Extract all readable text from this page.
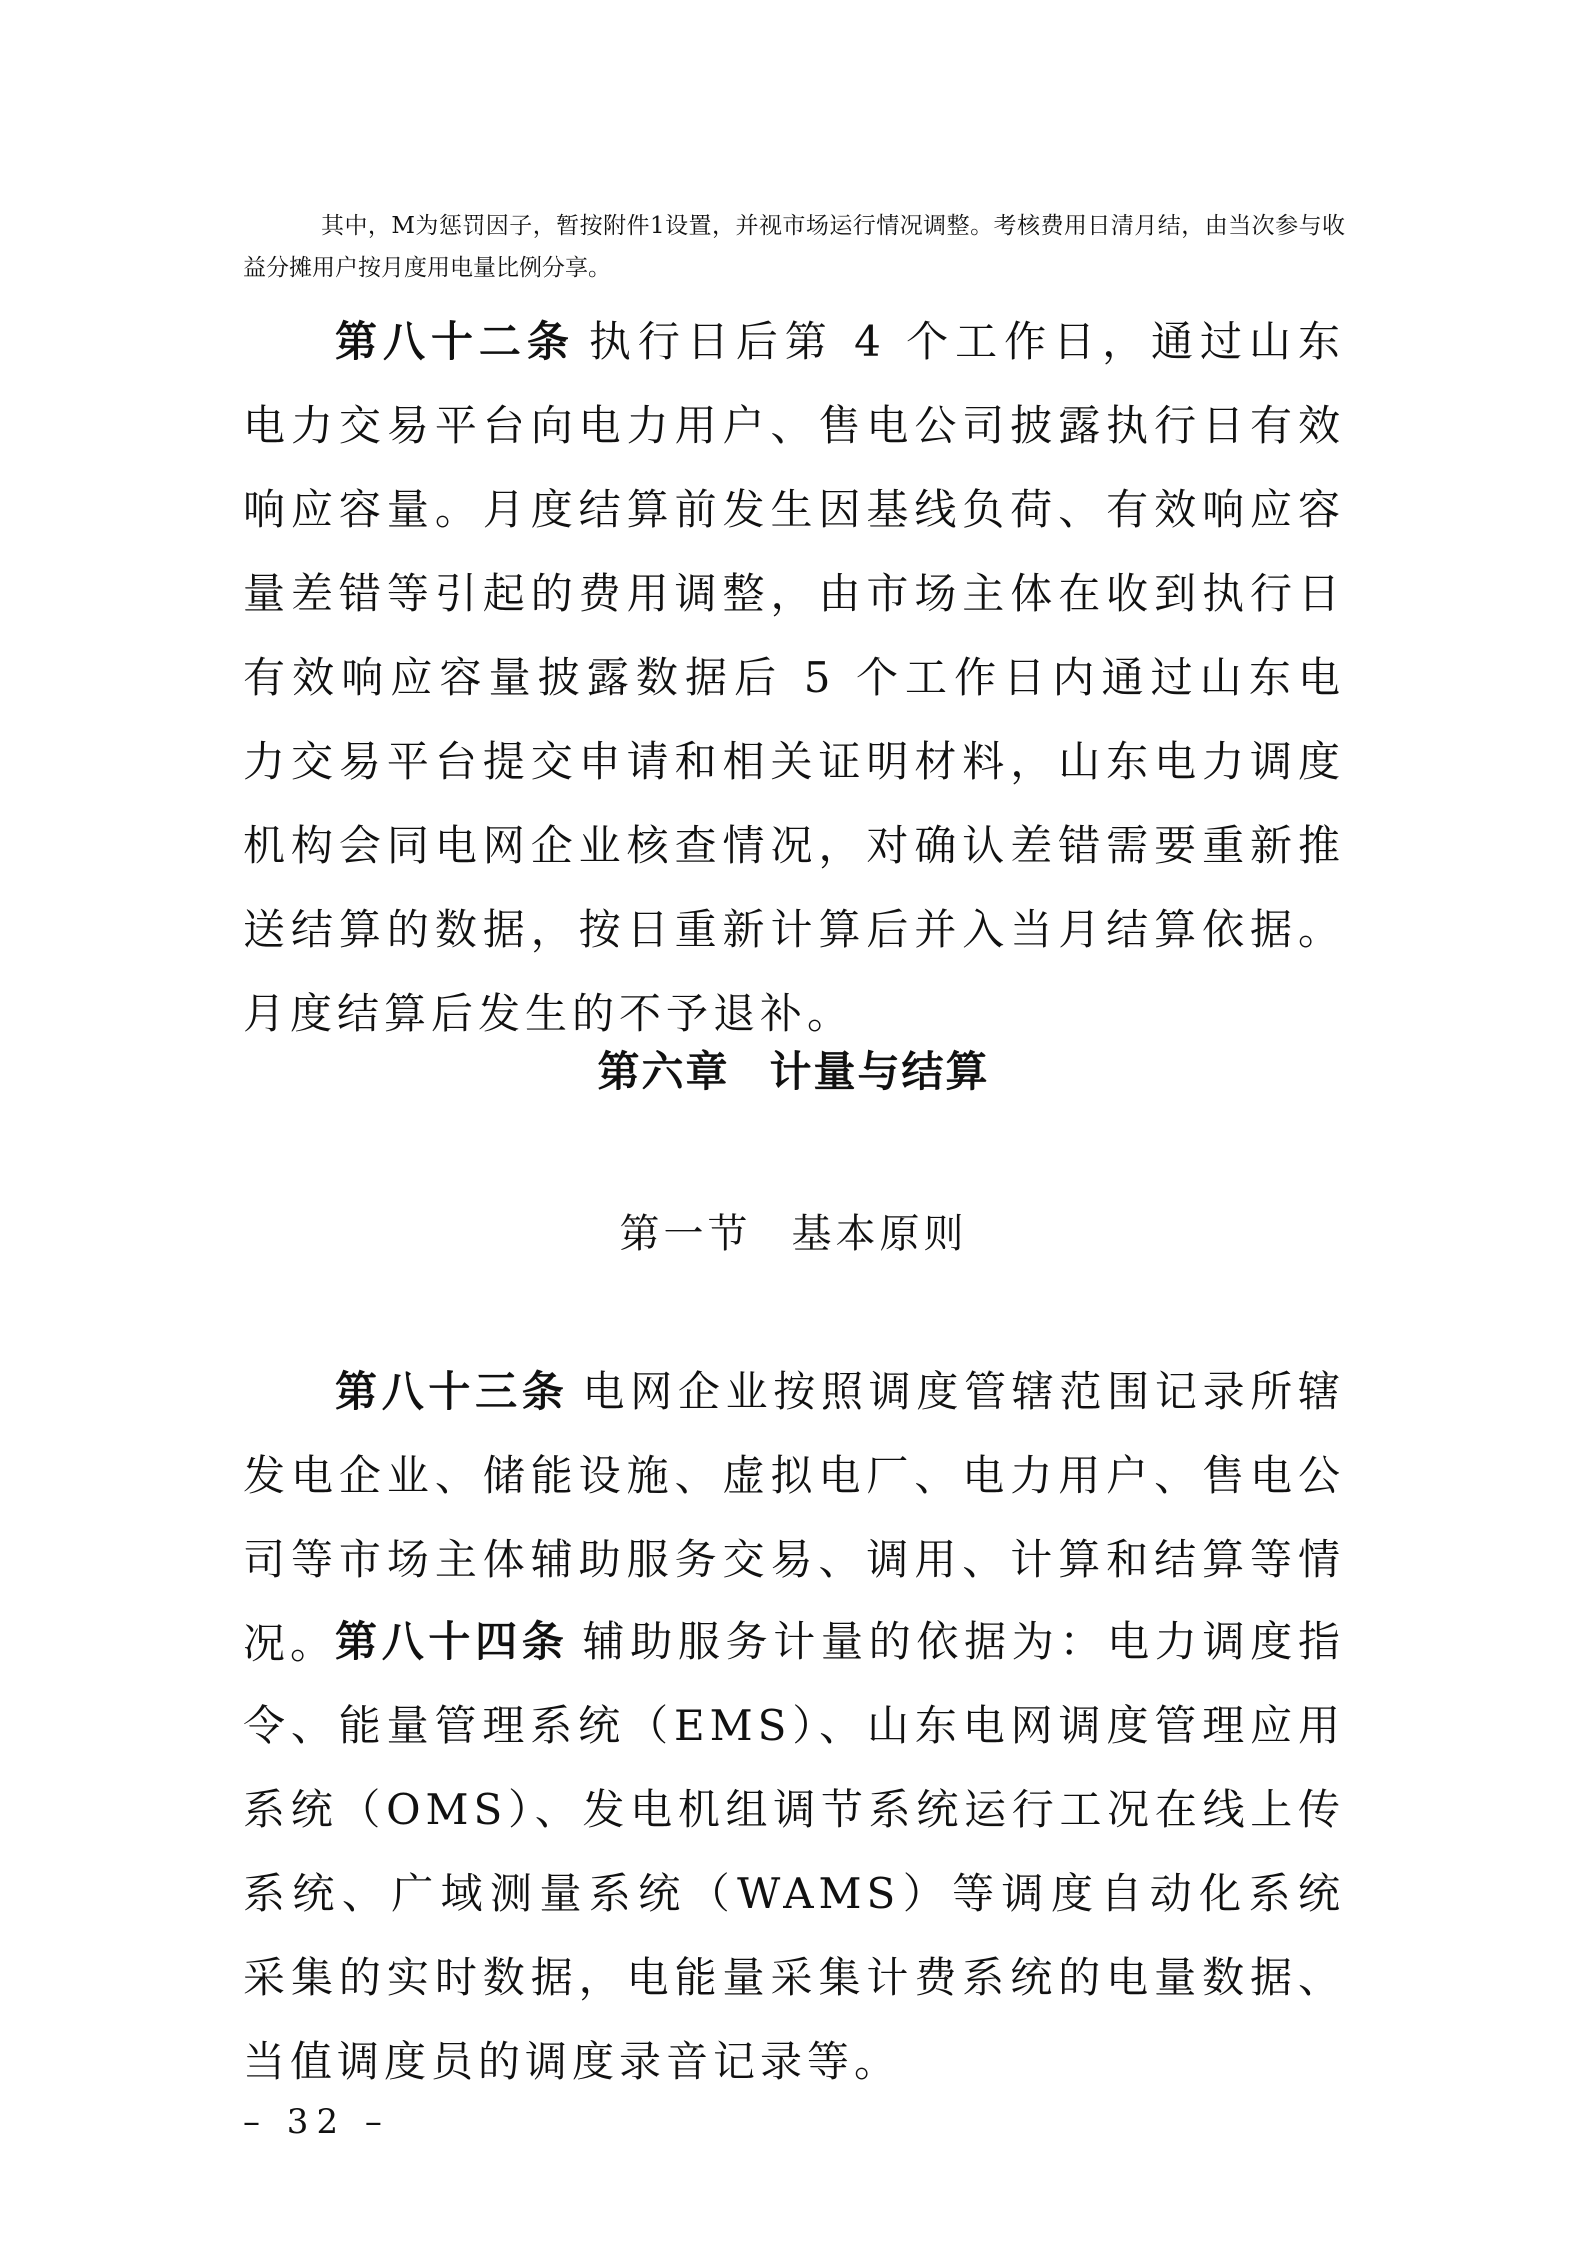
其中，M为惩罚因子，暂按附件1设置，并视市场运行情况调整。考核费用日清月结，由当次参与收益分摊用户按月度用电量比例分享。
第八十二条 执行日后第 4 个工作日，通过山东电力交易平台向电力用户、售电公司披露执行日有效响应容量。月度结算前发生因基线负荷、有效响应容量差错等引起的费用调整，由市场主体在收到执行日有效响应容量披露数据后 5 个工作日内通过山东电力交易平台提交申请和相关证明材料，山东电力调度机构会同电网企业核查情况，对确认差错需要重新推送结算的数据，按日重新计算后并入当月结算依据。月度结算后发生的不予退补。
第六章 计量与结算
第一节 基本原则
第八十三条 电网企业按照调度管辖范围记录所辖发电企业、储能设施、虚拟电厂、电力用户、售电公司等市场主体辅助服务交易、调用、计算和结算等情况。
第八十四条 辅助服务计量的依据为：电力调度指令、能量管理系统（EMS）、山东电网调度管理应用系统（OMS）、发电机组调节系统运行工况在线上传系统、广域测量系统（WAMS）等调度自动化系统采集的实时数据，电能量采集计费系统的电量数据、当值调度员的调度录音记录等。
– 32 –
